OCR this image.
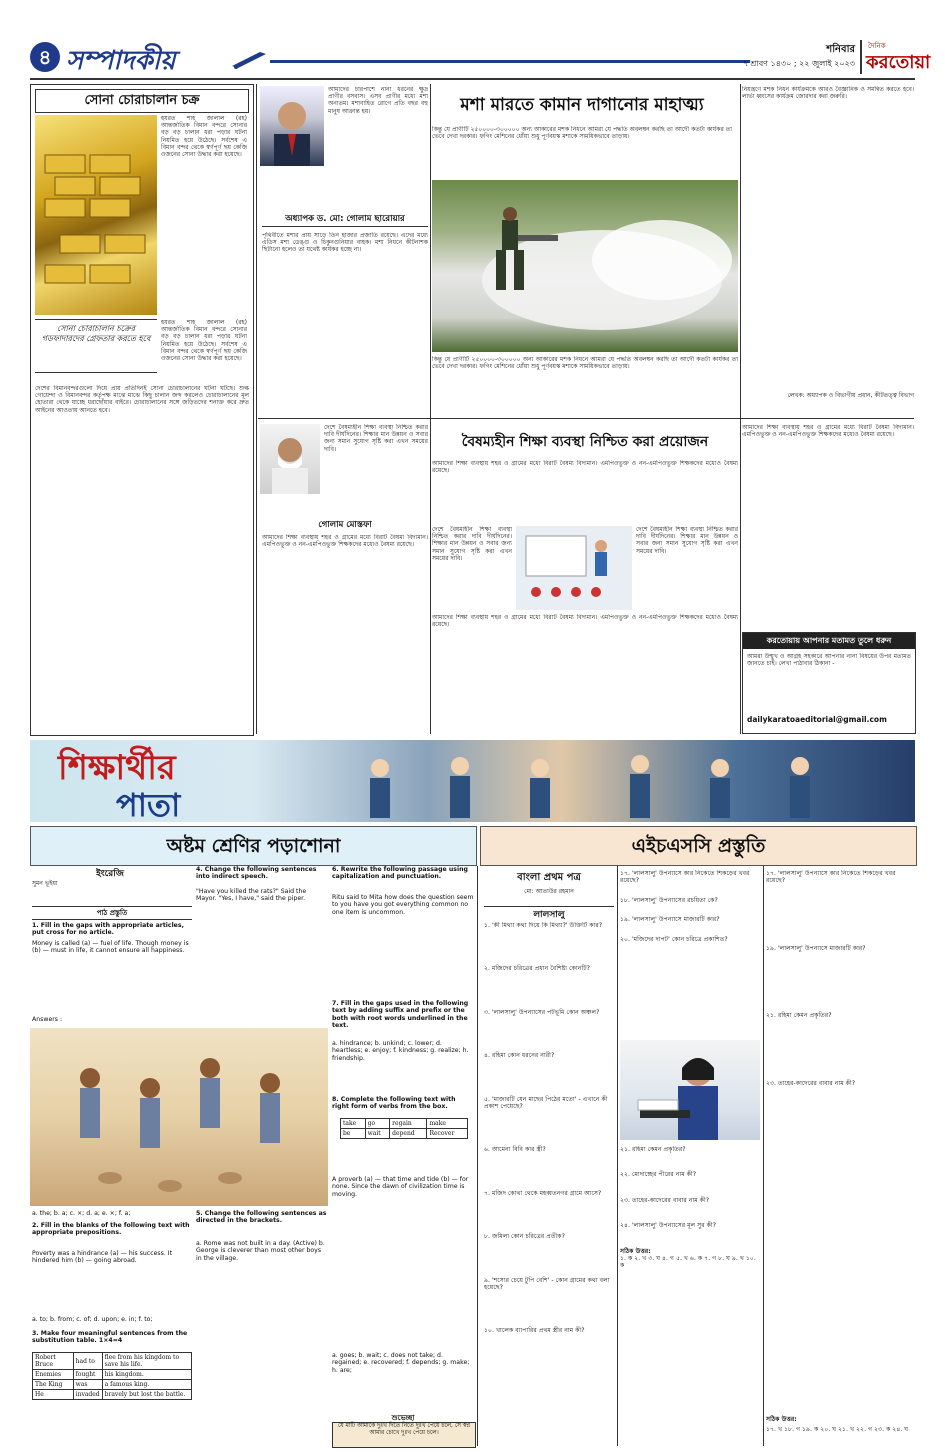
৪ সম্পাদকীয়	শনিবার
৭ শ্রাবণ ১৪৩০ ; ২২ জুলাই ২০২৩
দৈনিক
করতোয়া
সোনা চোরাচালান চক্র
হযরত শাহ জালাল (রহ) আন্তর্জাতিক বিমান বন্দরে সোনার বড় বড় চালান ধরা পড়ার ঘটনা নিয়মিত হয়ে উঠেছে। সর্বশেষ এ বিমান বন্দর থেকে স্বর্ণপূর্ণ ছয় কেজি ওজনের সোনা উদ্ধার করা হয়েছে।
সোনা চোরাচালান চক্রের গডফাদারদের গ্রেফতার করতে হবে
হযরত শাহ জালাল (রহ) আন্তর্জাতিক বিমান বন্দরে সোনার বড় বড় চালান ধরা পড়ার ঘটনা নিয়মিত হয়ে উঠেছে। সর্বশেষ এ বিমান বন্দর থেকে স্বর্ণপূর্ণ ছয় কেজি ওজনের সোনা উদ্ধার করা হয়েছে।
দেশের বিমানবন্দরগুলো দিয়ে প্রায় প্রতিদিনই সোনা চোরাচালানের ঘটনা ঘটছে। শুল্ক গোয়েন্দা ও বিমানবন্দর কর্তৃপক্ষ মাঝে মাঝে কিছু চালান জব্দ করলেও চোরাচালানের মূল হোতারা থেকে যাচ্ছে ধরাছোঁয়ার বাইরে। চোরাচালানের সঙ্গে জড়িতদের শনাক্ত করে দ্রুত আইনের আওতায় আনতে হবে।
আমাদের চারপাশে নানা ধরনের ক্ষুদ্র প্রাণীর বসবাস। এসব প্রাণীর মধ্যে মশা অন্যতম। মশাবাহিত রোগে প্রতি বছর বহু মানুষ আক্রান্ত হয়।
অধ্যাপক ড. মো: গোলাম ছারোয়ার
পৃথিবীতে মশার প্রায় সাড়ে তিন হাজার প্রজাতি রয়েছে। এদের মধ্যে এডিস মশা ডেঙ্গু ও চিকুনগুনিয়ার বাহক। মশা নিধনে কীটনাশক ছিটানো হলেও তা যথেষ্ট কার্যকর হচ্ছে না।
মশা মারতে কামান দাগানোর মাহাত্ম্য
কিন্তু যে প্রাণীটি ২৫০০০০-৩০০০০০ অন্য আকারের মশক নিধনে আমরা যে পদ্ধতি অবলম্বন করছি তা আদৌ কতটা কার্যকর তা ভেবে দেখা দরকার। ফগিং মেশিনের ধোঁয়া শুধু পূর্ণবয়স্ক মশাকে সাময়িকভাবে তাড়ায়।
কিন্তু যে প্রাণীটি ২৫০০০০-৩০০০০০ অন্য আকারের মশক নিধনে আমরা যে পদ্ধতি অবলম্বন করছি তা আদৌ কতটা কার্যকর তা ভেবে দেখা দরকার। ফগিং মেশিনের ধোঁয়া শুধু পূর্ণবয়স্ক মশাকে সাময়িকভাবে তাড়ায়।
নিয়ন্ত্রণে মশক নিধন কার্যক্রমকে আরও বৈজ্ঞানিক ও সমন্বিত করতে হবে। লার্ভা ধ্বংসের কার্যক্রম জোরদার করা জরুরি।
লেখক: অধ্যাপক ও বিভাগীয় প্রধান, কীটতত্ত্ব বিভাগ
দেশে বৈষম্যহীন শিক্ষা ব্যবস্থা নিশ্চিত করার দাবি দীর্ঘদিনের। শিক্ষার মান উন্নয়ন ও সবার জন্য সমান সুযোগ সৃষ্টি করা এখন সময়ের দাবি।
গোলাম মোস্তফা
আমাদের শিক্ষা ব্যবস্থায় শহর ও গ্রামের মধ্যে বিরাট বৈষম্য বিদ্যমান। এমপিওভুক্ত ও নন-এমপিওভুক্ত শিক্ষকদের মধ্যেও বৈষম্য রয়েছে।
বৈষম্যহীন শিক্ষা ব্যবস্থা নিশ্চিত করা প্রয়োজন
আমাদের শিক্ষা ব্যবস্থায় শহর ও গ্রামের মধ্যে বিরাট বৈষম্য বিদ্যমান। এমপিওভুক্ত ও নন-এমপিওভুক্ত শিক্ষকদের মধ্যেও বৈষম্য রয়েছে।
দেশে বৈষম্যহীন শিক্ষা ব্যবস্থা নিশ্চিত করার দাবি দীর্ঘদিনের। শিক্ষার মান উন্নয়ন ও সবার জন্য সমান সুযোগ সৃষ্টি করা এখন সময়ের দাবি।
দেশে বৈষম্যহীন শিক্ষা ব্যবস্থা নিশ্চিত করার দাবি দীর্ঘদিনের। শিক্ষার মান উন্নয়ন ও সবার জন্য সমান সুযোগ সৃষ্টি করা এখন সময়ের দাবি।
আমাদের শিক্ষা ব্যবস্থায় শহর ও গ্রামের মধ্যে বিরাট বৈষম্য বিদ্যমান। এমপিওভুক্ত ও নন-এমপিওভুক্ত শিক্ষকদের মধ্যেও বৈষম্য রয়েছে।
আমাদের শিক্ষা ব্যবস্থায় শহর ও গ্রামের মধ্যে বিরাট বৈষম্য বিদ্যমান। এমপিওভুক্ত ও নন-এমপিওভুক্ত শিক্ষকদের মধ্যেও বৈষম্য রয়েছে।
করতোয়ায় আপনার মতামত তুলে ধরুন
আমরা উন্মুখ ও আগ্রহ সহকারে আপনার নানা বিষয়ের উপর মতামত জানতে চাই। লেখা পাঠাবার ঠিকানা -
dailykaratoaeditorial@gmail.com
শিক্ষার্থীর
পাতা
অষ্টম শ্রেণির পড়াশোনা	এইচএসসি প্রস্তুতি
ইংরেজি
সুমন ভূইয়া
পাঠ প্রস্তুতি
1. Fill in the gaps with appropriate articles, put cross for no article.
Money is called (a) — fuel of life. Though money is (b) — must in life, it cannot ensure all happiness.
Answers :
a. the; b. a; c. ×; d. a; e. ×; f. a;
2. Fill in the blanks of the following text with appropriate prepositions.
Poverty was a hindrance (a) — his success. It hindered him (b) — going abroad.
a. to; b. from; c. of; d. upon; e. in; f. to;
3. Make four meaningful sentences from the substitution table. 1×4=4
Robert Bruce	had to	flee from his kingdom to save his life.
Enemies	fought	his kingdom.
The King	was	a famous king.
He	invaded	bravely but lost the battle.
4. Change the following sentences into indirect speech.
"Have you killed the rats?" Said the Mayor. "Yes, I have," said the piper.
5. Change the following sentences as directed in the brackets.
a. Rome was not built in a day. (Active) b. George is cleverer than most other boys in the village.
6. Rewrite the following passage using capitalization and punctuation.
Ritu said to Mita how does the question seem to you have you got everything common no one item is uncommon.
7. Fill in the gaps used in the following text by adding suffix and prefix or the both with root words underlined in the text.
a. hindrance; b. unkind; c. lower; d. heartless; e. enjoy; f. kindness; g. realize; h. friendship.
8. Complete the following text with right form of verbs from the box.
take	go	regain	make
be	wait	depend	Recover
A proverb (a) — that time and tide (b) — for none. Since the dawn of civilization time is moving.
a. goes; b. wait; c. does not take; d. regained; e. recovered; f. depends; g. make; h. are;
শুভেচ্ছা
যে মাটি আমাকে দুঃখ দিতে নিতে দুঃখ পেয়ে চলে, সে স্বপ্ন আমার চোখে দুঃখ পেয়ে চলে।
বাংলা প্রথম পত্র
মো: আতাউর রহমান
লালসালু
১. 'কী মিথ্যা কথা দিয়ে কি মিথ্যা?' উক্তিটি কার?
২. মজিদের চরিত্রের প্রধান বৈশিষ্ট্য কোনটি?
৩. 'লালসালু' উপন্যাসের পটভূমি কোন অঞ্চল?
৪. রহিমা কোন ধরনের নারী?
৫. 'মাজারটি যেন মাছের পিঠের মতো' - এখানে কী প্রকাশ পেয়েছে?
৬. আমেনা বিবি কার স্ত্রী?
৭. মজিদ কোথা থেকে মহব্বতনগর গ্রামে আসে?
৮. জমিলা কোন চরিত্রের প্রতীক?
৯. 'শস্যের চেয়ে টুপি বেশি' - কোন গ্রামের কথা বলা হয়েছে?
১০. খালেক ব্যাপারির প্রথম স্ত্রীর নাম কী?
১৭. 'লালসালু' উপন্যাসে কার নিকেতে শিকড়ের খবর রয়েছে?
১৮. 'লালসালু' উপন্যাসের রচয়িতা কে?
১৯. 'লালসালু' উপন্যাসে মাজারটি কার?
২০. 'মজিদের দাপট' কোন চরিত্রে প্রকাশিত?
২১. রহিমা কেমন প্রকৃতির?
২২. মোদাচ্ছের পীরের নাম কী?
২৩. তাহের-কাদেরের বাবার নাম কী?
২৪. 'লালসালু' উপন্যাসের মূল সুর কী?
সঠিক উত্তর:
১. ক ২. খ ৩. ঘ ৪. গ ৫. খ ৬. ক ৭. গ ৮. ঘ ৯. খ ১০. ক
১৭. 'লালসালু' উপন্যাসে কার নিকেতে শিকড়ের খবর রয়েছে?
১৯. 'লালসালু' উপন্যাসে মাজারটি কার?
২১. রহিমা কেমন প্রকৃতির?
২৩. তাহের-কাদেরের বাবার নাম কী?
সঠিক উত্তর:
১৭. খ ১৮. গ ১৯. ক ২০. ঘ ২১. খ ২২. গ ২৩. ক ২৪. ঘ
